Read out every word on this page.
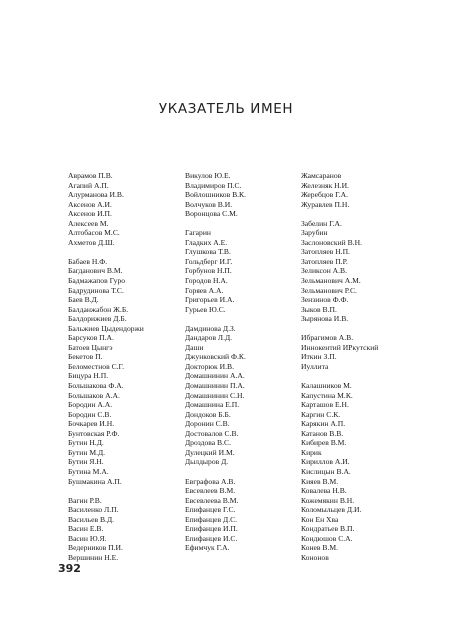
УКАЗАТЕЛЬ ИМЕН
Аврамов П.В.
Агапий А.П.
Алурманова И.В.
Аксенов А.И.
Аксенов И.П.
Алексеев М.
Алтобасов М.С.
Ахметов Д.Ш.
Бабаев Н.Ф.
Багданович В.М.
Бадмажапов Гуро
Бадрудинова Т.С.
Баев В.Д.
Балданжабон Ж.Б.
Балдорижиев Д.Б.
Бальжиев Цыдендоржи
Барсуков П.А.
Батоев Цынгэ
Бекетов П.
Беломестнов С.Г.
Бицура Н.П.
Большакова Ф.А.
Большаков А.А.
Бородин А.А.
Бородин С.В.
Бочкарев И.Н.
Бунтовская Р.Ф.
Бутин Н.Д.
Бутин М.Д.
Бутин Я.Н.
Бутина М.А.
Бушмакина А.П.
Вагин Р.В.
Василенко Л.П.
Васильев В.Д.
Васин Е.В.
Васин Ю.Я.
Ведерников П.И.
Вершинин Н.Е.
Викулов Ю.Е.
Владимиров П.С.
Войлошников В.К.
Волчуков В.И.
Воронцова С.М.
Гагарин
Гладких А.Е.
Глушкова Т.В.
Гольдберг И.Г.
Горбунов Н.П.
Городов Н.А.
Горяев А.А.
Григорьев И.А.
Гурьев Ю.С.
Дамдинова Д.З.
Дандаров Л.Д.
Даши
Джунковский Ф.К.
Докторюк И.В.
Домашнинин А.А.
Домашнинин П.А.
Домашнинин С.Н.
Домашнина Е.П.
Дондоков Б.Б.
Доронин С.В.
Достовалов С.В.
Дроздова В.С.
Дулецкий И.М.
Дылдыров Д.
Евграфова А.В.
Евсевлеев В.М.
Евсевлеева В.М.
Епифанцев Г.С.
Епифанцев Д.С.
Епифанцев И.П.
Епифанцев И.С.
Ефимчук Г.А.
Жамсаранов
Железняк Н.И.
Жеребцов Г.А.
Журавлев П.Н.
Забелин Г.А.
Зарубин
Заслоновский В.Н.
Затопляев Н.П.
Затопляев П.Р.
Зеликсон А.В.
Зельманович А.М.
Зельманович Р.С.
Зензинов Ф.Ф.
Зыков В.П.
Зырянова И.В.
Ибрагимов А.В.
Иннокентий ИРкутский
Иткин З.П.
Иуллита
Калашников М.
Капустина М.К.
Карташов Е.Н.
Каргин С.К.
Карякин А.П.
Катанов В.В.
Кибирев В.М.
Кирик
Кириллов А.И.
Кислицын В.А.
Кияев В.М.
Ковалева Н.В.
Кожемякин В.Н.
Коломыльцев Д.И.
Кон Ен Хва
Кондратьев В.П.
Кондюшов С.А.
Конев В.М.
Кононов
392
